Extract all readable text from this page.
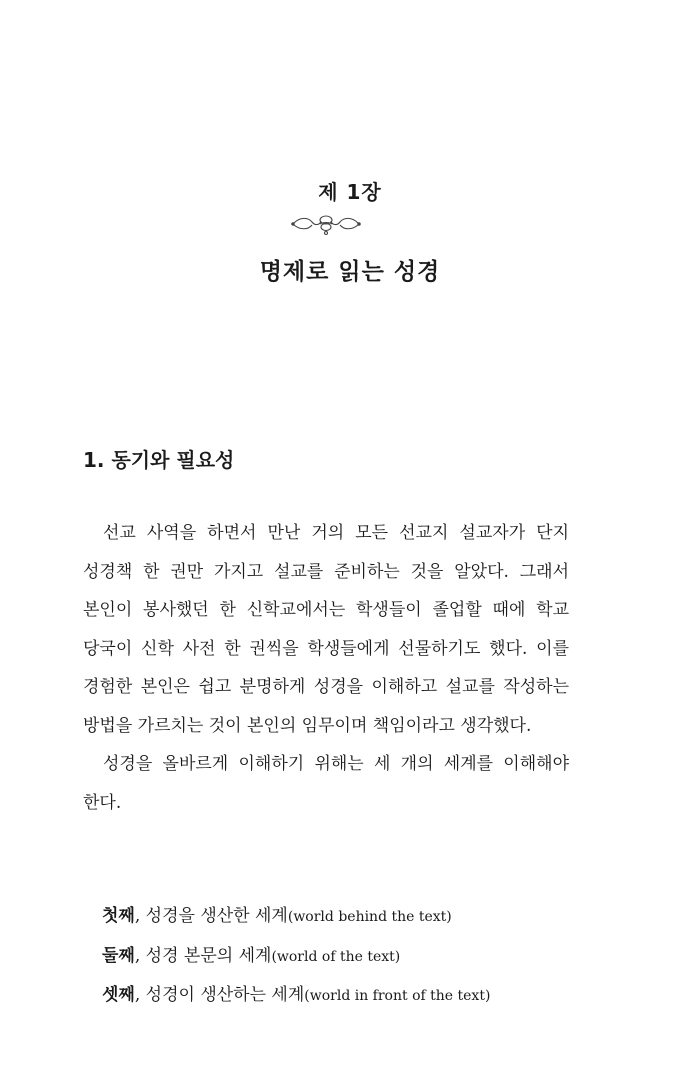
제 1장
명제로 읽는 성경
1. 동기와 필요성

선교 사역을 하면서 만난 거의 모든 선교지 설교자가 단지 성경책 한 권만 가지고 설교를 준비하는 것을 알았다. 그래서 본인이 봉사했던 한 신학교에서는 학생들이 졸업할 때에 학교 당국이 신학 사전 한 권씩을 학생들에게 선물하기도 했다. 이를 경험한 본인은 쉽고 분명하게 성경을 이해하고 설교를 작성하는 방법을 가르치는 것이 본인의 임무이며 책임이라고 생각했다.

성경을 올바르게 이해하기 위해는 세 개의 세계를 이해해야 한다.

첫째, 성경을 생산한 세계(world behind the text)
둘째, 성경 본문의 세계(world of the text)
셋째, 성경이 생산하는 세계(world in front of the text)
